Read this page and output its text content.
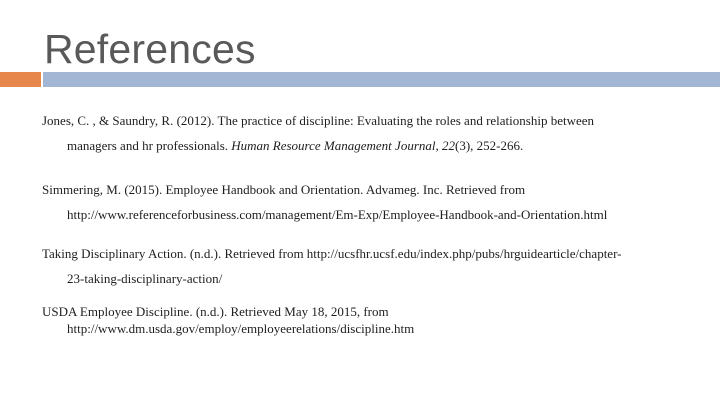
References
Jones, C. , & Saundry, R. (2012). The practice of discipline: Evaluating the roles and relationship between
managers and hr professionals. Human Resource Management Journal, 22(3), 252-266.
Simmering, M. (2015). Employee Handbook and Orientation. Advameg. Inc. Retrieved from
http://www.referenceforbusiness.com/management/Em-Exp/Employee-Handbook-and-Orientation.html
Taking Disciplinary Action. (n.d.). Retrieved from http://ucsfhr.ucsf.edu/index.php/pubs/hrguidearticle/chapter-
23-taking-disciplinary-action/
USDA Employee Discipline. (n.d.). Retrieved May 18, 2015, from
http://www.dm.usda.gov/employ/employeerelations/discipline.htm
